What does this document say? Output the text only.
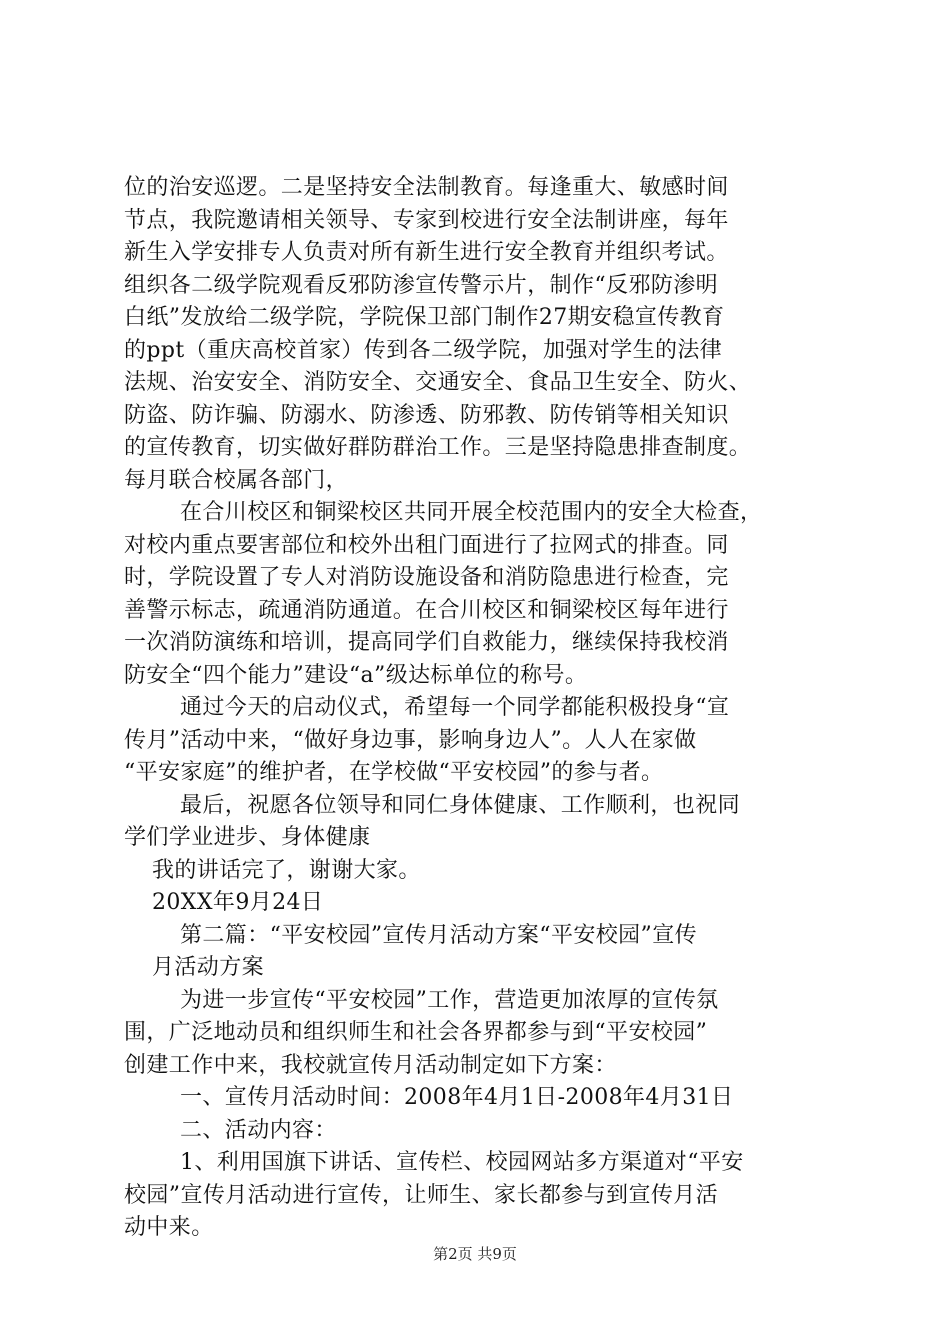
位的治安巡逻。二是坚持安全法制教育。每逢重大、敏感时间
节点，我院邀请相关领导、专家到校进行安全法制讲座，每年
新生入学安排专人负责对所有新生进行安全教育并组织考试。
组织各二级学院观看反邪防渗宣传警示片，制作“反邪防渗明
白纸”发放给二级学院，学院保卫部门制作27期安稳宣传教育
的ppt（重庆高校首家）传到各二级学院，加强对学生的法律
法规、治安安全、消防安全、交通安全、食品卫生安全、防火、
防盗、防诈骗、防溺水、防渗透、防邪教、防传销等相关知识
的宣传教育，切实做好群防群治工作。三是坚持隐患排查制度。
每月联合校属各部门，
在合川校区和铜梁校区共同开展全校范围内的安全大检查，
对校内重点要害部位和校外出租门面进行了拉网式的排查。同
时，学院设置了专人对消防设施设备和消防隐患进行检查，完
善警示标志，疏通消防通道。在合川校区和铜梁校区每年进行
一次消防演练和培训，提高同学们自救能力，继续保持我校消
防安全“四个能力”建设“a”级达标单位的称号。
通过今天的启动仪式，希望每一个同学都能积极投身“宣
传月”活动中来，“做好身边事，影响身边人”。人人在家做
“平安家庭”的维护者，在学校做“平安校园”的参与者。
最后，祝愿各位领导和同仁身体健康、工作顺利，也祝同
学们学业进步、身体健康
我的讲话完了，谢谢大家。
20XX年9月24日
第二篇：“平安校园”宣传月活动方案“平安校园”宣传
月活动方案
为进一步宣传“平安校园”工作，营造更加浓厚的宣传氛
围，广泛地动员和组织师生和社会各界都参与到“平安校园”
创建工作中来，我校就宣传月活动制定如下方案：
一、宣传月活动时间：2008年4月1日-2008年4月31日
二、活动内容：
1、利用国旗下讲话、宣传栏、校园网站多方渠道对“平安
校园”宣传月活动进行宣传，让师生、家长都参与到宣传月活
动中来。
第2页 共9页
